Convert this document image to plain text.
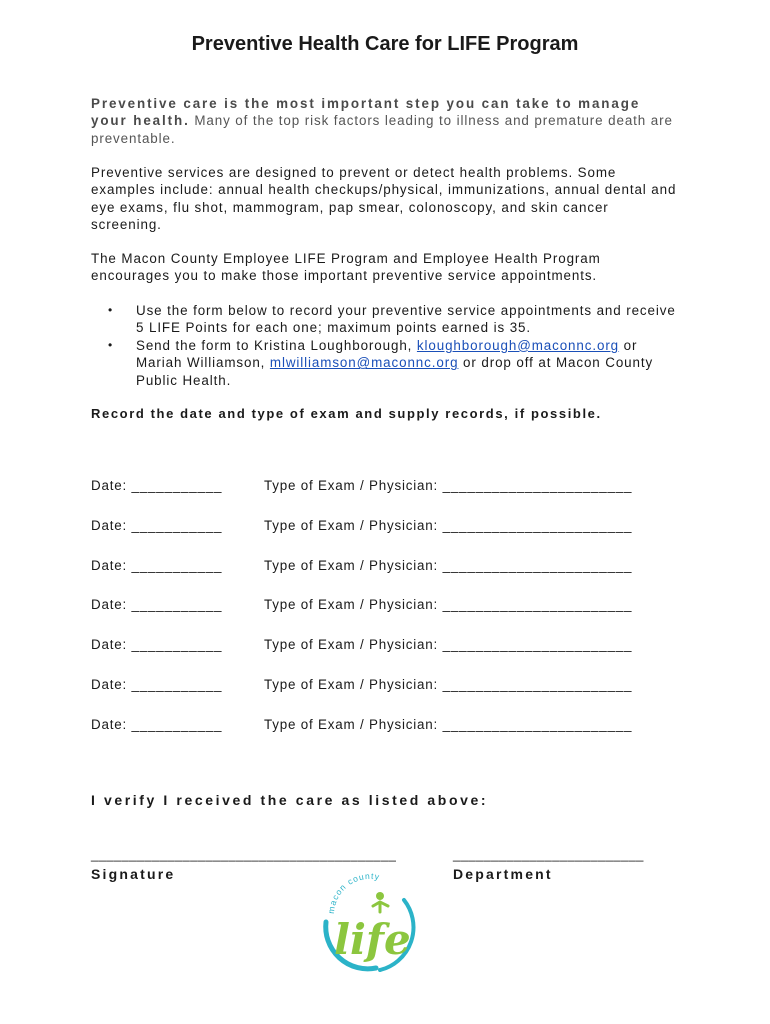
Preventive Health Care for LIFE Program
Preventive care is the most important step you can take to manage your health. Many of the top risk factors leading to illness and premature death are preventable.
Preventive services are designed to prevent or detect health problems. Some examples include: annual health checkups/physical, immunizations, annual dental and eye exams, flu shot, mammogram, pap smear, colonoscopy, and skin cancer screening.
The Macon County Employee LIFE Program and Employee Health Program encourages you to make those important preventive service appointments.
• Use the form below to record your preventive service appointments and receive 5 LIFE Points for each one; maximum points earned is 35.
• Send the form to Kristina Loughborough, kloughborough@maconnc.org or Mariah Williamson, mlwilliamson@maconnc.org or drop off at Macon County Public Health.
Record the date and type of exam and supply records, if possible.
Date: ___________	Type of Exam / Physician: _______________________
Date: ___________	Type of Exam / Physician: _______________________
Date: ___________	Type of Exam / Physician: _______________________
Date: ___________	Type of Exam / Physician: _______________________
Date: ___________	Type of Exam / Physician: _______________________
Date: ___________	Type of Exam / Physician: _______________________
Date: ___________	Type of Exam / Physician: _______________________
I verify I received the care as listed above:
________________________________________
Signature
_________________________
Department
macon county
life
